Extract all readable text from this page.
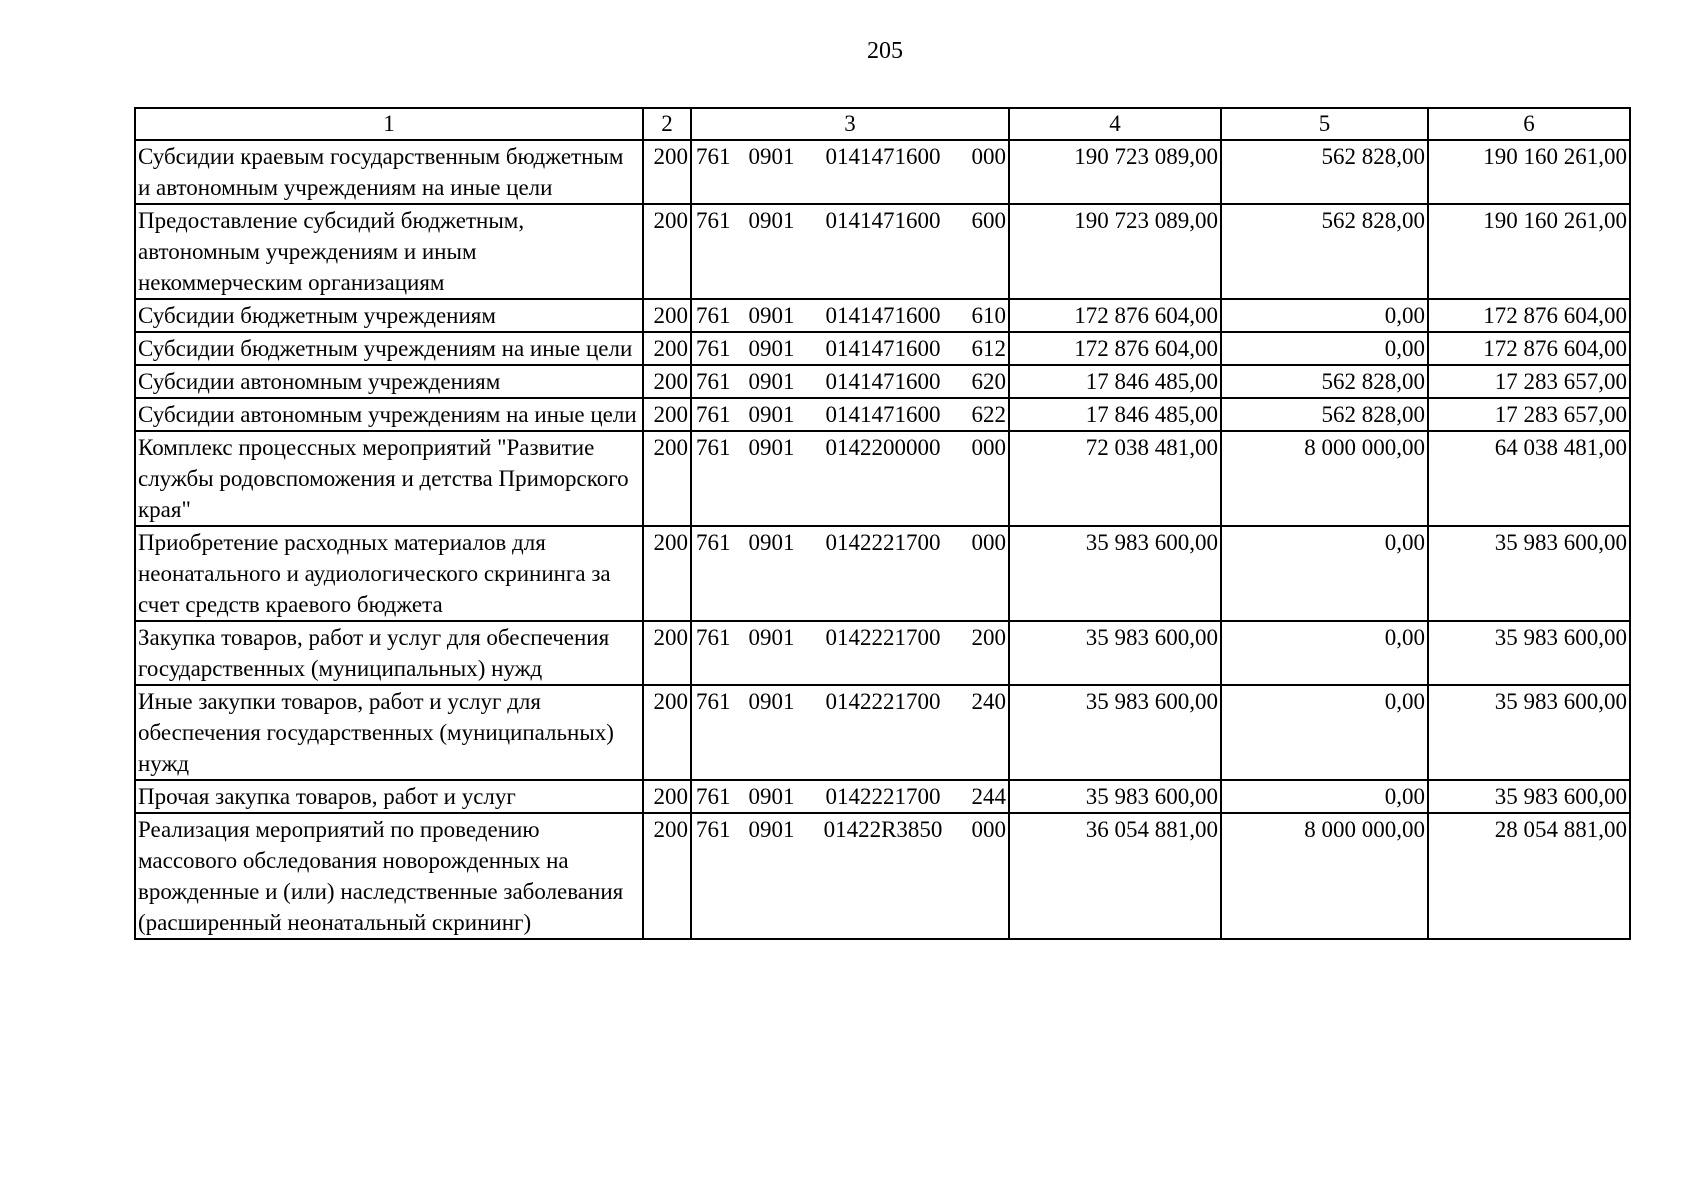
205
1	2	3	4	5	6
Субсидии краевым государственным бюджетным и автономным учреждениям на иные цели	200	761 0901 0141471600 000	190 723 089,00	562 828,00	190 160 261,00
Предоставление субсидий бюджетным, автономным учреждениям и иным некоммерческим организациям	200	761 0901 0141471600 600	190 723 089,00	562 828,00	190 160 261,00
Субсидии бюджетным учреждениям	200	761 0901 0141471600 610	172 876 604,00	0,00	172 876 604,00
Субсидии бюджетным учреждениям на иные цели	200	761 0901 0141471600 612	172 876 604,00	0,00	172 876 604,00
Субсидии автономным учреждениям	200	761 0901 0141471600 620	17 846 485,00	562 828,00	17 283 657,00
Субсидии автономным учреждениям на иные цели	200	761 0901 0141471600 622	17 846 485,00	562 828,00	17 283 657,00
Комплекс процессных мероприятий "Развитие службы родовспоможения и детства Приморского края"	200	761 0901 0142200000 000	72 038 481,00	8 000 000,00	64 038 481,00
Приобретение расходных материалов для неонатального и аудиологического скрининга за счет средств краевого бюджета	200	761 0901 0142221700 000	35 983 600,00	0,00	35 983 600,00
Закупка товаров, работ и услуг для обеспечения государственных (муниципальных) нужд	200	761 0901 0142221700 200	35 983 600,00	0,00	35 983 600,00
Иные закупки товаров, работ и услуг для обеспечения государственных (муниципальных) нужд	200	761 0901 0142221700 240	35 983 600,00	0,00	35 983 600,00
Прочая закупка товаров, работ и услуг	200	761 0901 0142221700 244	35 983 600,00	0,00	35 983 600,00
Реализация мероприятий по проведению массового обследования новорожденных на врожденные и (или) наследственные заболевания (расширенный неонатальный скрининг)	200	761 0901 01422R3850 000	36 054 881,00	8 000 000,00	28 054 881,00
